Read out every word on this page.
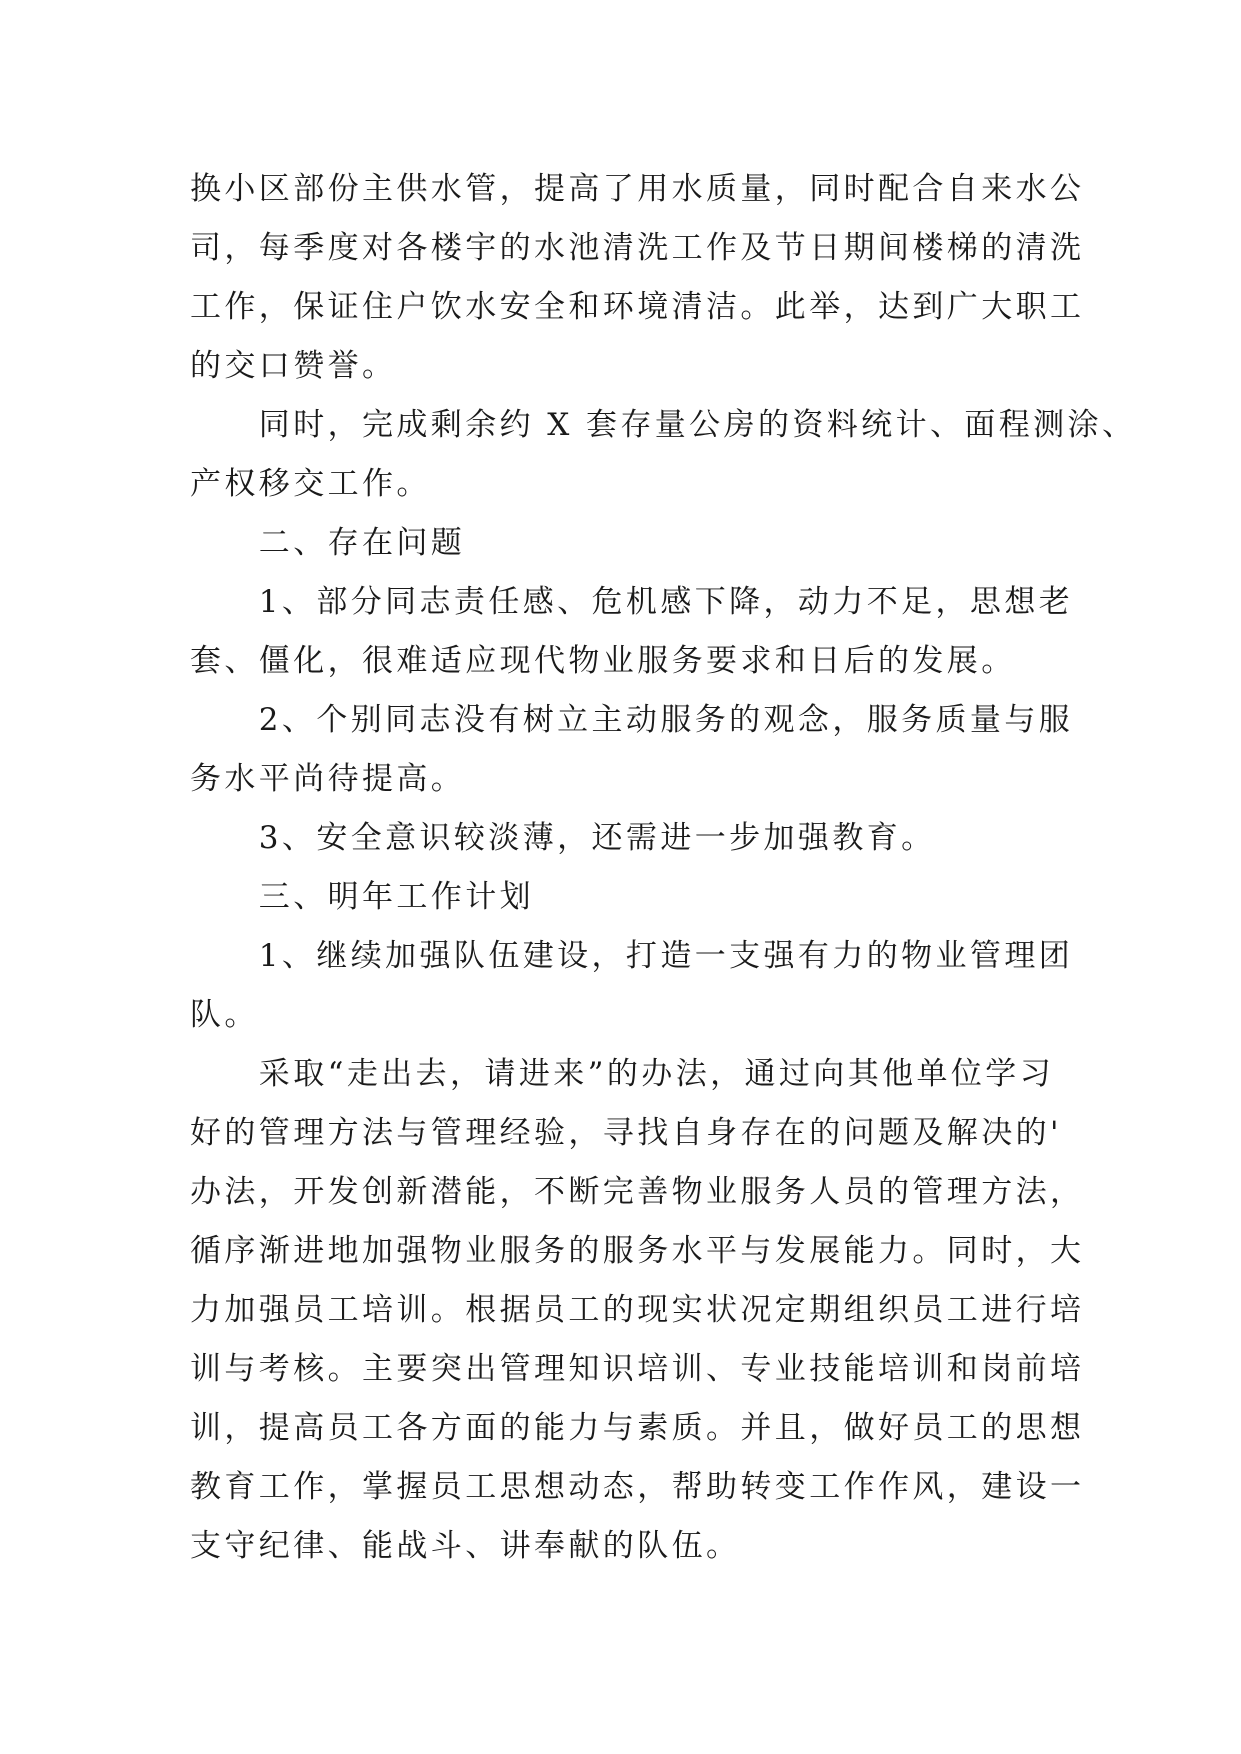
换小区部份主供水管，提高了用水质量，同时配合自来水公
司，每季度对各楼宇的水池清洗工作及节日期间楼梯的清洗
工作，保证住户饮水安全和环境清洁。此举，达到广大职工
的交口赞誉。
　　同时，完成剩余约 X 套存量公房的资料统计、面程测涂、
产权移交工作。
　　二、存在问题
　　1、部分同志责任感、危机感下降，动力不足，思想老
套、僵化，很难适应现代物业服务要求和日后的发展。
　　2、个别同志没有树立主动服务的观念，服务质量与服
务水平尚待提高。
　　3、安全意识较淡薄，还需进一步加强教育。
　　三、明年工作计划
　　1、继续加强队伍建设，打造一支强有力的物业管理团
队。
　　采取“走出去，请进来”的办法，通过向其他单位学习
好的管理方法与管理经验，寻找自身存在的问题及解决的'
办法，开发创新潜能，不断完善物业服务人员的管理方法，
循序渐进地加强物业服务的服务水平与发展能力。同时，大
力加强员工培训。根据员工的现实状况定期组织员工进行培
训与考核。主要突出管理知识培训、专业技能培训和岗前培
训，提高员工各方面的能力与素质。并且，做好员工的思想
教育工作，掌握员工思想动态，帮助转变工作作风，建设一
支守纪律、能战斗、讲奉献的队伍。
